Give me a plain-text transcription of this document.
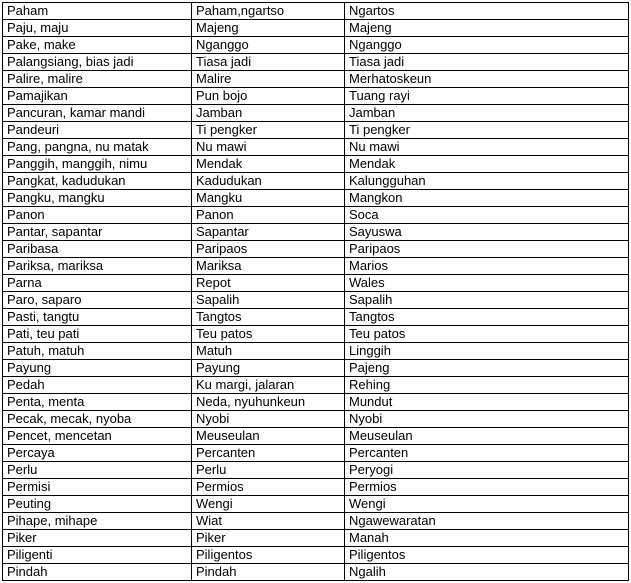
Paham	Paham,ngartso	Ngartos
Paju, maju	Majeng	Majeng
Pake, make	Nganggo	Nganggo
Palangsiang, bias jadi	Tiasa jadi	Tiasa jadi
Palire, malire	Malire	Merhatoskeun
Pamajikan	Pun bojo	Tuang rayi
Pancuran, kamar mandi	Jamban	Jamban
Pandeuri	Ti pengker	Ti pengker
Pang, pangna, nu matak	Nu mawi	Nu mawi
Panggih, manggih, nimu	Mendak	Mendak
Pangkat, kadudukan	Kadudukan	Kalungguhan
Pangku, mangku	Mangku	Mangkon
Panon	Panon	Soca
Pantar, sapantar	Sapantar	Sayuswa
Paribasa	Paripaos	Paripaos
Pariksa, mariksa	Mariksa	Marios
Parna	Repot	Wales
Paro, saparo	Sapalih	Sapalih
Pasti, tangtu	Tangtos	Tangtos
Pati, teu pati	Teu patos	Teu patos
Patuh, matuh	Matuh	Linggih
Payung	Payung	Pajeng
Pedah	Ku margi, jalaran	Rehing
Penta, menta	Neda, nyuhunkeun	Mundut
Pecak, mecak, nyoba	Nyobi	Nyobi
Pencet, mencetan	Meuseulan	Meuseulan
Percaya	Percanten	Percanten
Perlu	Perlu	Peryogi
Permisi	Permios	Permios
Peuting	Wengi	Wengi
Pihape, mihape	Wiat	Ngawewaratan
Piker	Piker	Manah
Piligenti	Piligentos	Piligentos
Pindah	Pindah	Ngalih
